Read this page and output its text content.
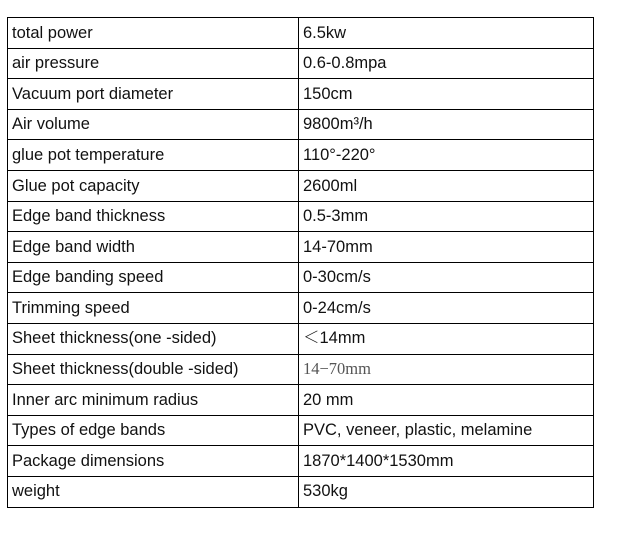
total power	6.5kw
air pressure	0.6-0.8mpa
Vacuum port diameter	150cm
Air volume	9800m³/h
glue pot temperature	110°-220°
Glue pot capacity	2600ml
Edge band thickness	0.5-3mm
Edge band width	14-70mm
Edge banding speed	0-30cm/s
Trimming speed	0-24cm/s
Sheet thickness(one -sided)	＜14mm
Sheet thickness(double -sided)	14−70mm
Inner arc minimum radius	20 mm
Types of edge bands	PVC, veneer, plastic, melamine
Package dimensions	1870*1400*1530mm
weight	530kg
